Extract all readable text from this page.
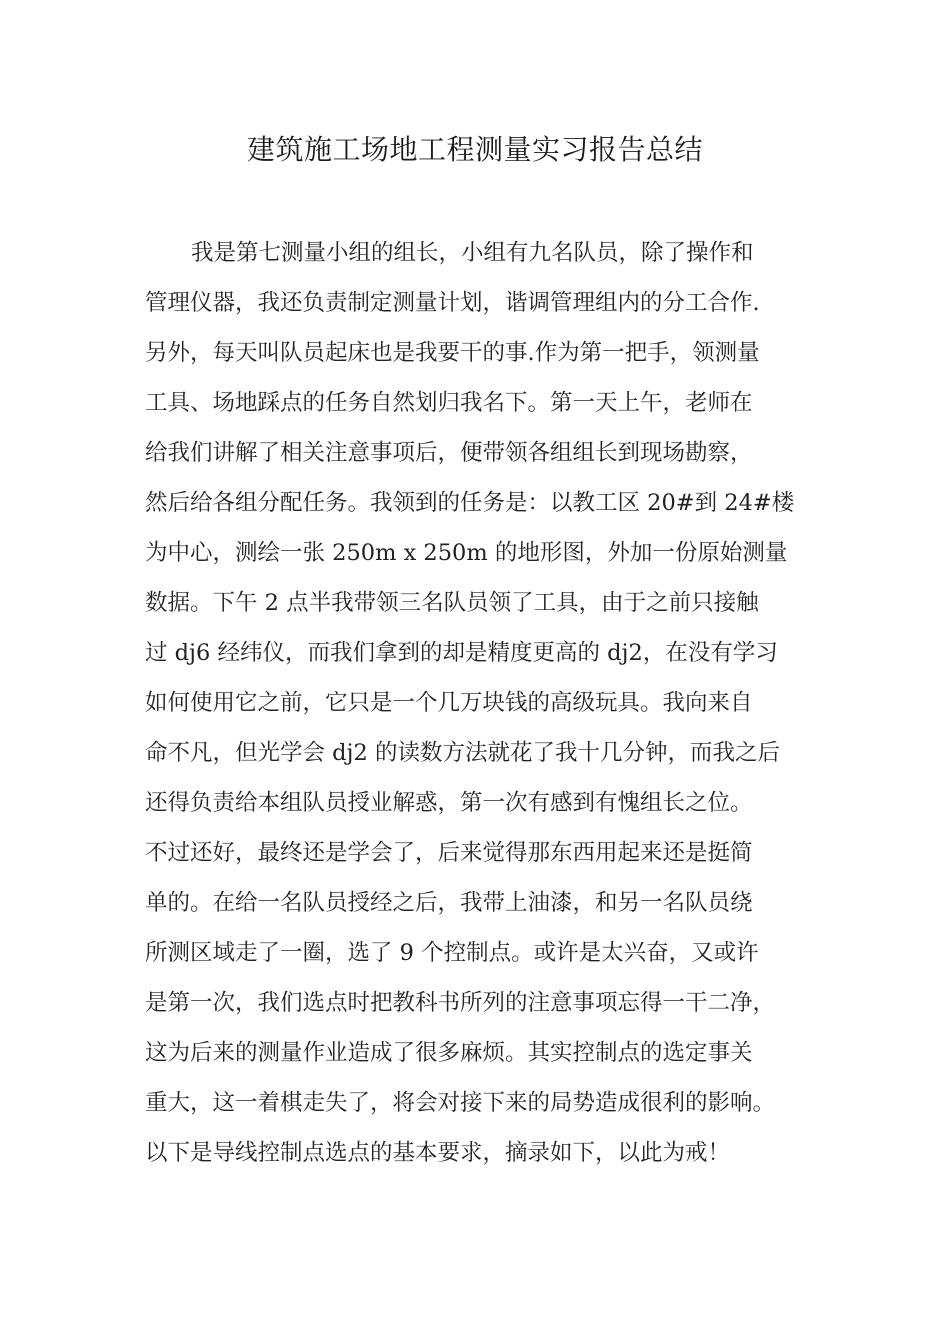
建筑施工场地工程测量实习报告总结
我是第七测量小组的组长，小组有九名队员，除了操作和
管理仪器，我还负责制定测量计划，谐调管理组内的分工合作.
另外，每天叫队员起床也是我要干的事.作为第一把手，领测量
工具、场地踩点的任务自然划归我名下。第一天上午，老师在
给我们讲解了相关注意事项后，便带领各组组长到现场勘察，
然后给各组分配任务。我领到的任务是：以教工区 20#到 24#楼
为中心，测绘一张 250m x 250m 的地形图，外加一份原始测量
数据。下午 2 点半我带领三名队员领了工具，由于之前只接触
过 dj6 经纬仪，而我们拿到的却是精度更高的 dj2，在没有学习
如何使用它之前，它只是一个几万块钱的高级玩具。我向来自
命不凡，但光学会 dj2 的读数方法就花了我十几分钟，而我之后
还得负责给本组队员授业解惑，第一次有感到有愧组长之位。
不过还好，最终还是学会了，后来觉得那东西用起来还是挺简
单的。在给一名队员授经之后，我带上油漆，和另一名队员绕
所测区域走了一圈，选了 9 个控制点。或许是太兴奋，又或许
是第一次，我们选点时把教科书所列的注意事项忘得一干二净，
这为后来的测量作业造成了很多麻烦。其实控制点的选定事关
重大，这一着棋走失了，将会对接下来的局势造成很利的影响。
以下是导线控制点选点的基本要求，摘录如下，以此为戒！
